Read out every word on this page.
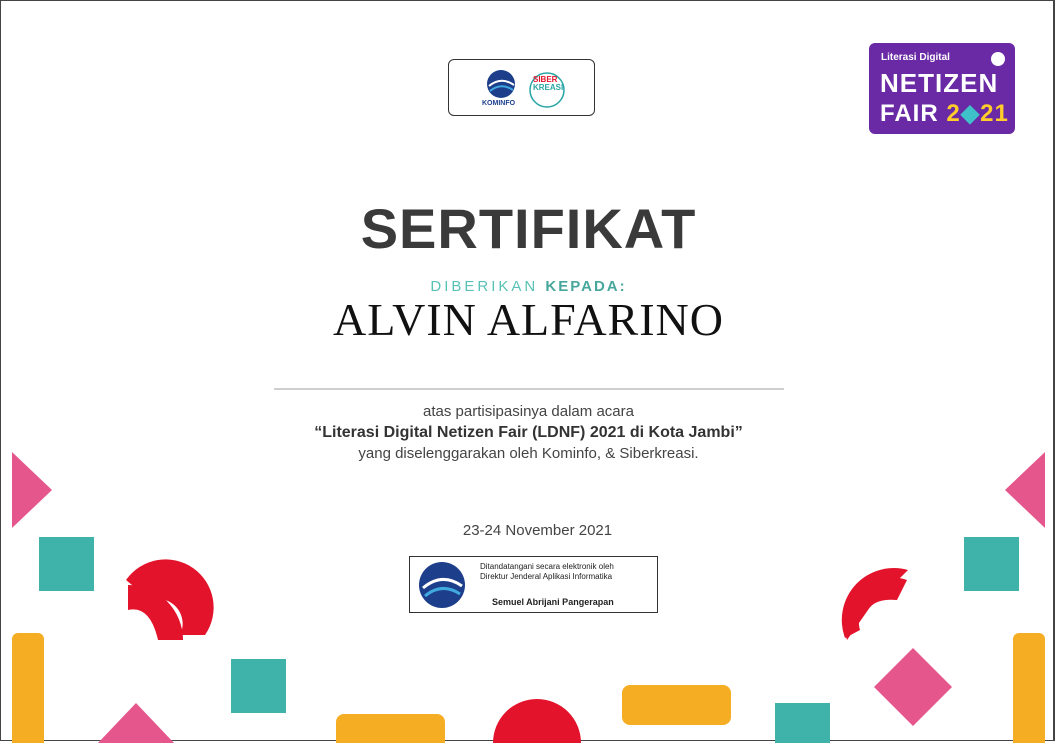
KOMINFO
SIBER
KREASI
Literasi Digital
NETIZEN
FAIR 2◆21
SERTIFIKAT
DIBERIKAN KEPADA:
ALVIN ALFARINO
atas partisipasinya dalam acara
“Literasi Digital Netizen Fair (LDNF) 2021 di Kota Jambi”
yang diselenggarakan oleh Kominfo, & Siberkreasi.
23-24 November 2021
Ditandatangani secara elektronik oleh
Direktur Jenderal Aplikasi Informatika
Semuel Abrijani Pangerapan
